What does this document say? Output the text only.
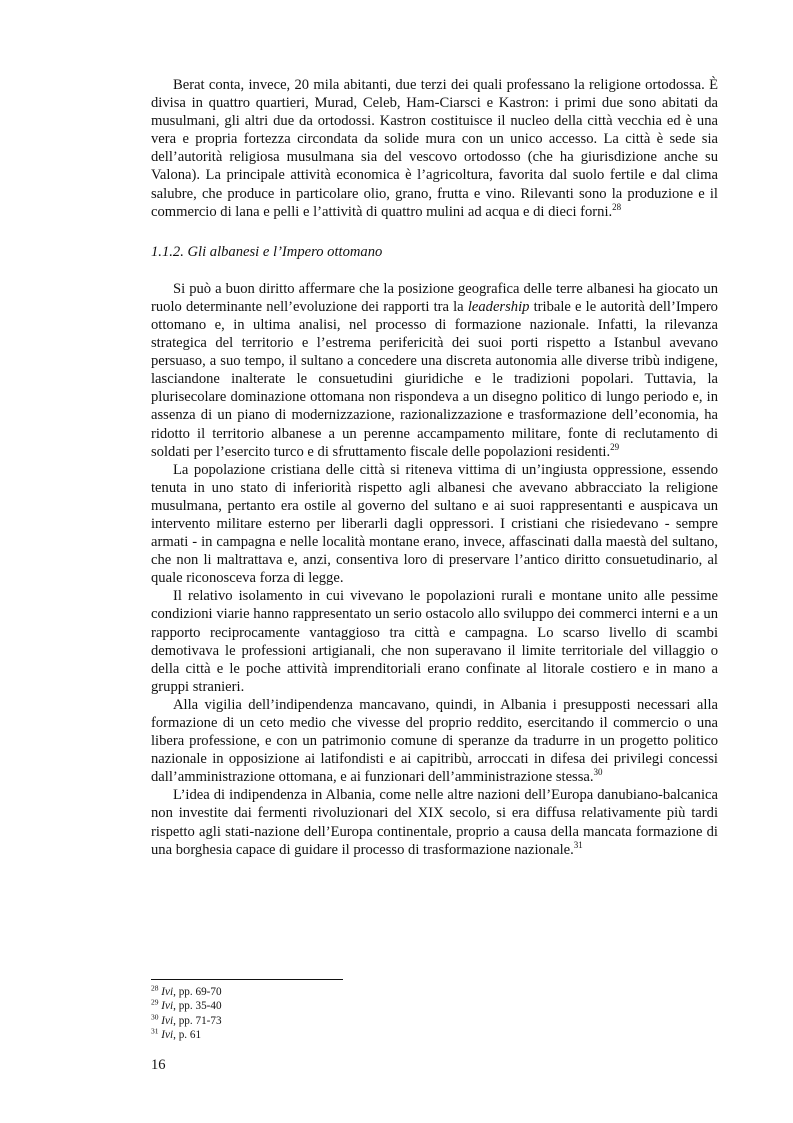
Berat conta, invece, 20 mila abitanti, due terzi dei quali professano la religione ortodossa. È divisa in quattro quartieri, Murad, Celeb, Ham-Ciarsci e Kastron: i primi due sono abitati da musulmani, gli altri due da ortodossi. Kastron costituisce il nucleo della città vecchia ed è una vera e propria fortezza circondata da solide mura con un unico accesso. La città è sede sia dell’autorità religiosa musulmana sia del vescovo ortodosso (che ha giurisdizione anche su Valona). La principale attività economica è l’agricoltura, favorita dal suolo fertile e dal clima salubre, che produce in particolare olio, grano, frutta e vino. Rilevanti sono la produzione e il commercio di lana e pelli e l’attività di quattro mulini ad acqua e di dieci forni.$^{28}$

1.1.2. Gli albanesi e l’Impero ottomano

Si può a buon diritto affermare che la posizione geografica delle terre albanesi ha giocato un ruolo determinante nell’evoluzione dei rapporti tra la leadership tribale e le autorità dell’Impero ottomano e, in ultima analisi, nel processo di formazione nazionale. Infatti, la rilevanza strategica del territorio e l’estrema perifericità dei suoi porti rispetto a Istanbul avevano persuaso, a suo tempo, il sultano a concedere una discreta autonomia alle diverse tribù indigene, lasciandone inalterate le consuetudini giuridiche e le tradizioni popolari. Tuttavia, la plurisecolare dominazione ottomana non rispondeva a un disegno politico di lungo periodo e, in assenza di un piano di modernizzazione, razionalizzazione e trasformazione dell’economia, ha ridotto il territorio albanese a un perenne accampamento militare, fonte di reclutamento di soldati per l’esercito turco e di sfruttamento fiscale delle popolazioni residenti.$^{29}$

La popolazione cristiana delle città si riteneva vittima di un’ingiusta oppressione, essendo tenuta in uno stato di inferiorità rispetto agli albanesi che avevano abbracciato la religione musulmana, pertanto era ostile al governo del sultano e ai suoi rappresentanti e auspicava un intervento militare esterno per liberarli dagli oppressori. I cristiani che risiedevano - sempre armati - in campagna e nelle località montane erano, invece, affascinati dalla maestà del sultano, che non li maltrattava e, anzi, consentiva loro di preservare l’antico diritto consuetudinario, al quale riconosceva forza di legge.

Il relativo isolamento in cui vivevano le popolazioni rurali e montane unito alle pessime condizioni viarie hanno rappresentato un serio ostacolo allo sviluppo dei commerci interni e a un rapporto reciprocamente vantaggioso tra città e campagna. Lo scarso livello di scambi demotivava le professioni artigianali, che non superavano il limite territoriale del villaggio o della città e le poche attività imprenditoriali erano confinate al litorale costiero e in mano a gruppi stranieri.

Alla vigilia dell’indipendenza mancavano, quindi, in Albania i presupposti necessari alla formazione di un ceto medio che vivesse del proprio reddito, esercitando il commercio o una libera professione, e con un patrimonio comune di speranze da tradurre in un progetto politico nazionale in opposizione ai latifondisti e ai capitribù, arroccati in difesa dei privilegi concessi dall’amministrazione ottomana, e ai funzionari dell’amministrazione stessa.$^{30}$

L’idea di indipendenza in Albania, come nelle altre nazioni dell’Europa danubiano-balcanica non investite dai fermenti rivoluzionari del XIX secolo, si era diffusa relativamente più tardi rispetto agli stati-nazione dell’Europa continentale, proprio a causa della mancata formazione di una borghesia capace di guidare il processo di trasformazione nazionale.$^{31}$

$^{28}$ Ivi, pp. 69-70
$^{29}$ Ivi, pp. 35-40
$^{30}$ Ivi, pp. 71-73
$^{31}$ Ivi, p. 61
16
